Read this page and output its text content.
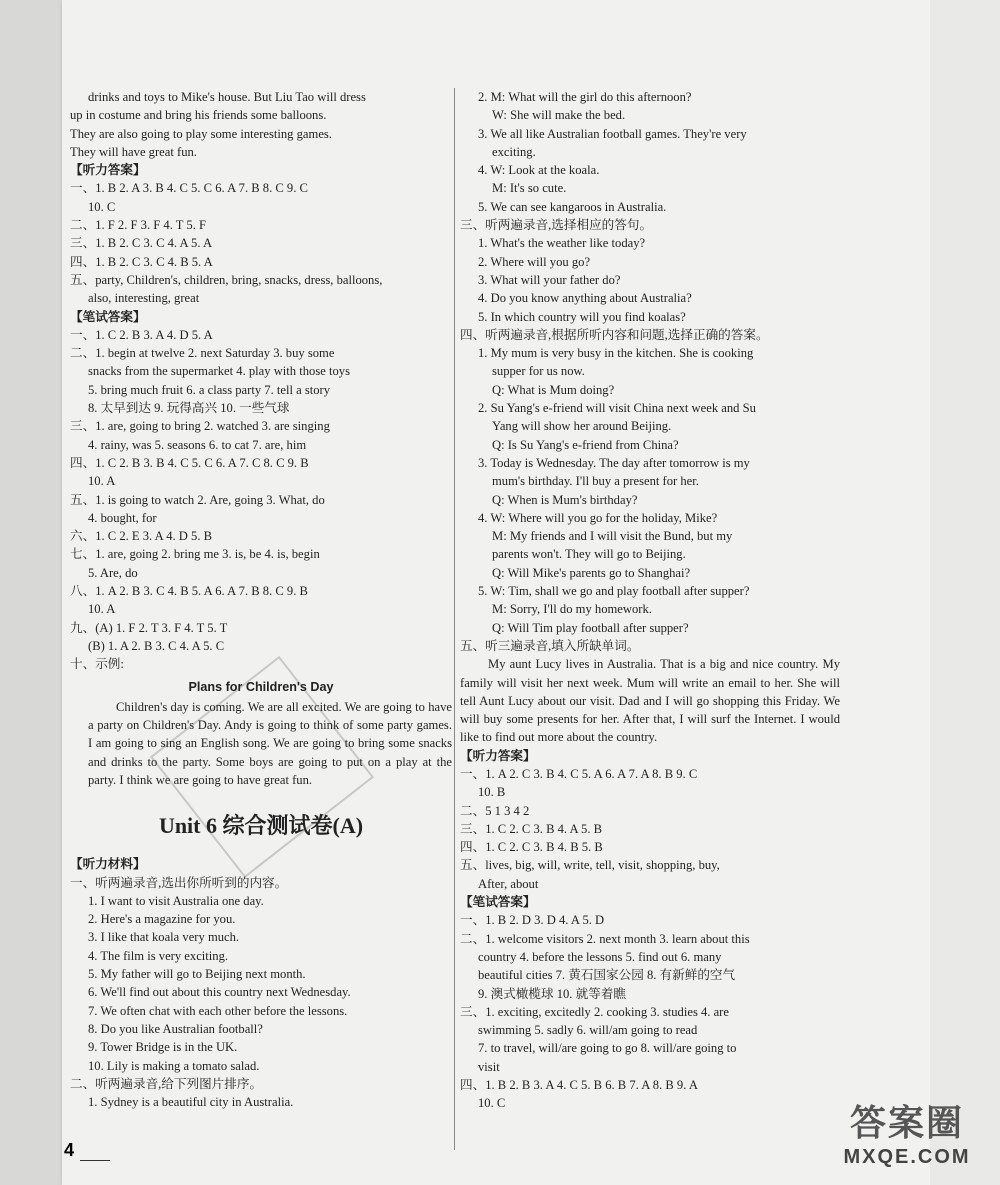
drinks and toys to Mike's house. But Liu Tao will dress
up in costume and bring his friends some balloons.
They are also going to play some interesting games.
They will have great fun.
【听力答案】
一、1. B 2. A 3. B 4. C 5. C 6. A 7. B 8. C 9. C
10. C
二、1. F 2. F 3. F 4. T 5. F
三、1. B 2. C 3. C 4. A 5. A
四、1. B 2. C 3. C 4. B 5. A
五、party, Children's, children, bring, snacks, dress, balloons,
also, interesting, great
【笔试答案】
一、1. C 2. B 3. A 4. D 5. A
二、1. begin at twelve 2. next Saturday 3. buy some
snacks from the supermarket 4. play with those toys
5. bring much fruit 6. a class party 7. tell a story
8. 太早到达 9. 玩得高兴 10. 一些气球
三、1. are, going to bring 2. watched 3. are singing
4. rainy, was 5. seasons 6. to cat 7. are, him
四、1. C 2. B 3. B 4. C 5. C 6. A 7. C 8. C 9. B
10. A
五、1. is going to watch 2. Are, going 3. What, do
4. bought, for
六、1. C 2. E 3. A 4. D 5. B
七、1. are, going 2. bring me 3. is, be 4. is, begin
5. Are, do
八、1. A 2. B 3. C 4. B 5. A 6. A 7. B 8. C 9. B
10. A
九、(A) 1. F 2. T 3. F 4. T 5. T
(B) 1. A 2. B 3. C 4. A 5. C
十、示例:
Plans for Children's Day
Children's day is coming. We are all excited. We are going to have a party on Children's Day. Andy is going to think of some party games. I am going to sing an English song. We are going to bring some snacks and drinks to the party. Some boys are going to put on a play at the party. I think we are going to have great fun.
Unit 6 综合测试卷(A)
【听力材料】
一、听两遍录音,选出你所听到的内容。
1. I want to visit Australia one day.
2. Here's a magazine for you.
3. I like that koala very much.
4. The film is very exciting.
5. My father will go to Beijing next month.
6. We'll find out about this country next Wednesday.
7. We often chat with each other before the lessons.
8. Do you like Australian football?
9. Tower Bridge is in the UK.
10. Lily is making a tomato salad.
二、听两遍录音,给下列图片排序。
1. Sydney is a beautiful city in Australia.
2. M: What will the girl do this afternoon?
W: She will make the bed.
3. We all like Australian football games. They're very
exciting.
4. W: Look at the koala.
M: It's so cute.
5. We can see kangaroos in Australia.
三、听两遍录音,选择相应的答句。
1. What's the weather like today?
2. Where will you go?
3. What will your father do?
4. Do you know anything about Australia?
5. In which country will you find koalas?
四、听两遍录音,根据所听内容和问题,选择正确的答案。
1. My mum is very busy in the kitchen. She is cooking
supper for us now.
Q: What is Mum doing?
2. Su Yang's e-friend will visit China next week and Su
Yang will show her around Beijing.
Q: Is Su Yang's e-friend from China?
3. Today is Wednesday. The day after tomorrow is my
mum's birthday. I'll buy a present for her.
Q: When is Mum's birthday?
4. W: Where will you go for the holiday, Mike?
M: My friends and I will visit the Bund, but my
parents won't. They will go to Beijing.
Q: Will Mike's parents go to Shanghai?
5. W: Tim, shall we go and play football after supper?
M: Sorry, I'll do my homework.
Q: Will Tim play football after supper?
五、听三遍录音,填入所缺单词。
My aunt Lucy lives in Australia. That is a big and nice country. My family will visit her next week. Mum will write an email to her. She will tell Aunt Lucy about our visit. Dad and I will go shopping this Friday. We will buy some presents for her. After that, I will surf the Internet. I would like to find out more about the country.
【听力答案】
一、1. A 2. C 3. B 4. C 5. A 6. A 7. A 8. B 9. C
10. B
二、5 1 3 4 2
三、1. C 2. C 3. B 4. A 5. B
四、1. C 2. C 3. B 4. B 5. B
五、lives, big, will, write, tell, visit, shopping, buy,
After, about
【笔试答案】
一、1. B 2. D 3. D 4. A 5. D
二、1. welcome visitors 2. next month 3. learn about this
country 4. before the lessons 5. find out 6. many
beautiful cities 7. 黄石国家公园 8. 有新鲜的空气
9. 澳式橄榄球 10. 就等着瞧
三、1. exciting, excitedly 2. cooking 3. studies 4. are
swimming 5. sadly 6. will/am going to read
7. to travel, will/are going to go 8. will/are going to
visit
四、1. B 2. B 3. A 4. C 5. B 6. B 7. A 8. B 9. A
10. C
4
答案圈
MXQE.COM
